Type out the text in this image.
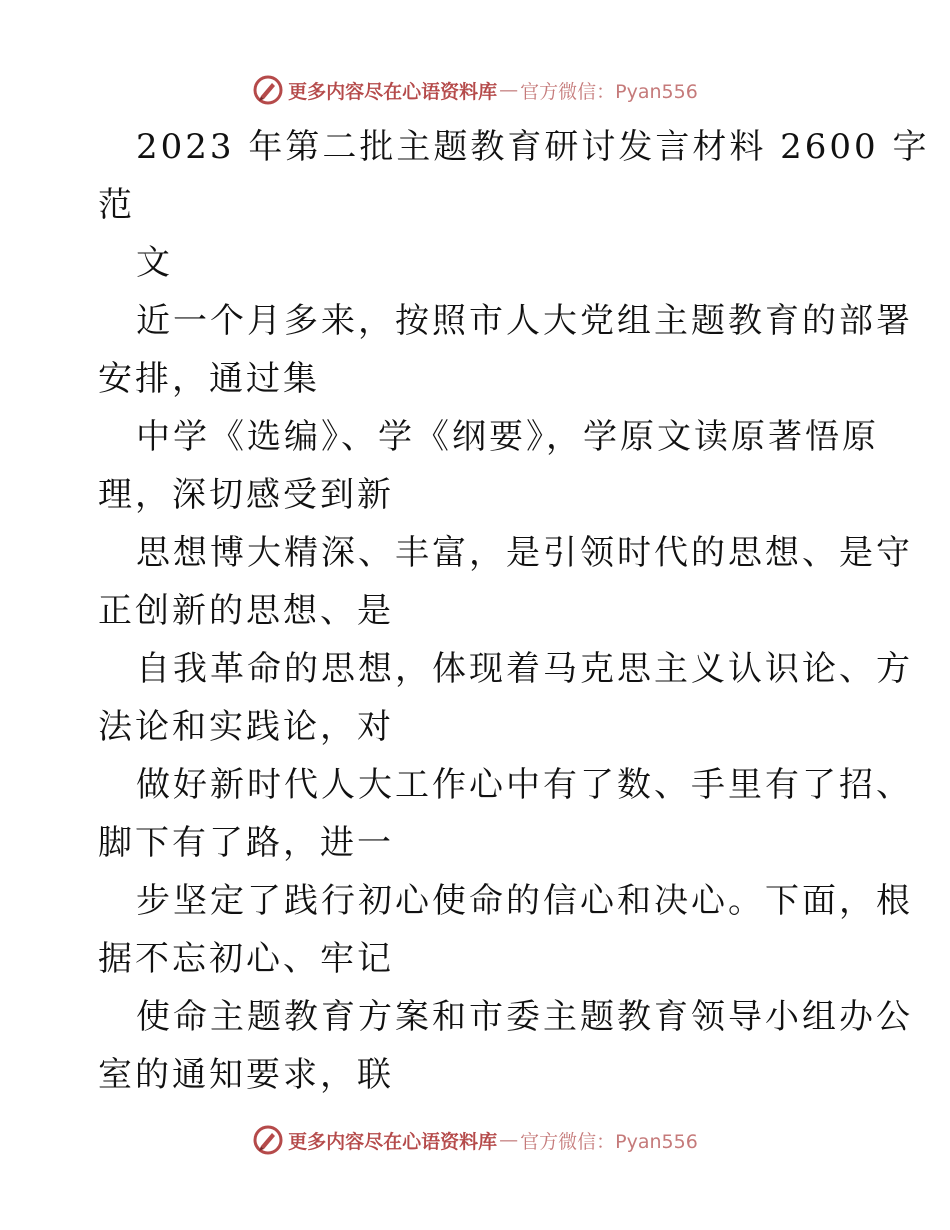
更多内容尽在心语资料库 — 官方微信：Pyan556

2023 年第二批主题教育研讨发言材料 2600 字
范

文

近一个月多来，按照市人大党组主题教育的部署
安排，通过集

中学《选编》、学《纲要》，学原文读原著悟原
理，深切感受到新

思想博大精深、丰富，是引领时代的思想、是守
正创新的思想、是

自我革命的思想，体现着马克思主义认识论、方
法论和实践论，对

做好新时代人大工作心中有了数、手里有了招、
脚下有了路，进一

步坚定了践行初心使命的信心和决心。下面，根
据不忘初心、牢记

使命主题教育方案和市委主题教育领导小组办公
室的通知要求，联

更多内容尽在心语资料库 — 官方微信：Pyan556
